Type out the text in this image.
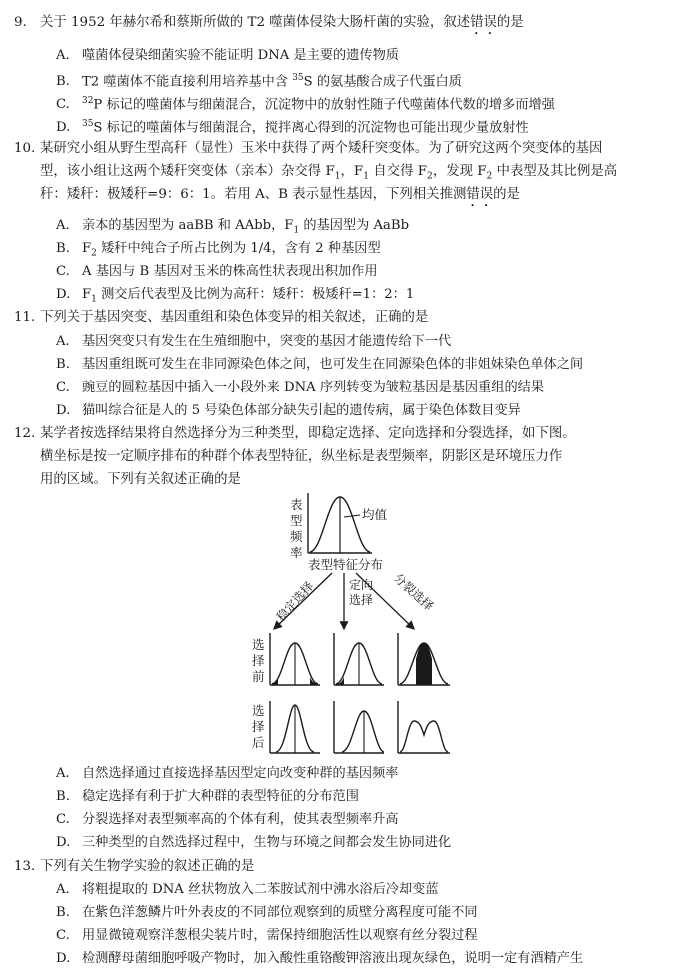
9. 关于 1952 年赫尔希和蔡斯所做的 T2 噬菌体侵染大肠杆菌的实验，叙述错误的是
A. 噬菌体侵染细菌实验不能证明 DNA 是主要的遗传物质
B. T2 噬菌体不能直接利用培养基中含 $^{35}$S 的氨基酸合成子代蛋白质
C. $^{32}$P 标记的噬菌体与细菌混合，沉淀物中的放射性随子代噬菌体代数的增多而增强
D. $^{35}$S 标记的噬菌体与细菌混合，搅拌离心得到的沉淀物也可能出现少量放射性
10. 某研究小组从野生型高秆（显性）玉米中获得了两个矮秆突变体。为了研究这两个突变体的基因
型，该小组让这两个矮秆突变体（亲本）杂交得 $F_1$，$F_1$ 自交得 $F_2$，发现 $F_2$ 中表型及其比例是高
秆：矮秆：极矮秆=9：6：1。若用 A、B 表示显性基因，下列相关推测错误的是
A. 亲本的基因型为 aaBB 和 AAbb，$F_1$ 的基因型为 AaBb
B. $F_2$ 矮秆中纯合子所占比例为 1/4，含有 2 种基因型
C. A 基因与 B 基因对玉米的株高性状表现出积加作用
D. $F_1$ 测交后代表型及比例为高秆：矮秆：极矮秆=1：2：1
11. 下列关于基因突变、基因重组和染色体变异的相关叙述，正确的是
A. 基因突变只有发生在生殖细胞中，突变的基因才能遗传给下一代
B. 基因重组既可发生在非同源染色体之间，也可发生在同源染色体的非姐妹染色单体之间
C. 豌豆的圆粒基因中插入一小段外来 DNA 序列转变为皱粒基因是基因重组的结果
D. 猫叫综合征是人的 5 号染色体部分缺失引起的遗传病，属于染色体数目变异
12. 某学者按选择结果将自然选择分为三种类型，即稳定选择、定向选择和分裂选择，如下图。
横坐标是按一定顺序排布的种群个体表型特征，纵坐标是表型频率，阴影区是环境压力作
用的区域。下列有关叙述正确的是
表
型
频
率
均值
表型特征分布
稳定选择	定向
选择 分裂选择
选
择
前
选
择
后
A. 自然选择通过直接选择基因型定向改变种群的基因频率
B. 稳定选择有利于扩大种群的表型特征的分布范围
C. 分裂选择对表型频率高的个体有利，使其表型频率升高
D. 三种类型的自然选择过程中，生物与环境之间都会发生协同进化
13. 下列有关生物学实验的叙述正确的是
A. 将粗提取的 DNA 丝状物放入二苯胺试剂中沸水浴后冷却变蓝
B. 在紫色洋葱鳞片叶外表皮的不同部位观察到的质壁分离程度可能不同
C. 用显微镜观察洋葱根尖装片时，需保持细胞活性以观察有丝分裂过程
D. 检测酵母菌细胞呼吸产物时，加入酸性重铬酸钾溶液出现灰绿色，说明一定有酒精产生
